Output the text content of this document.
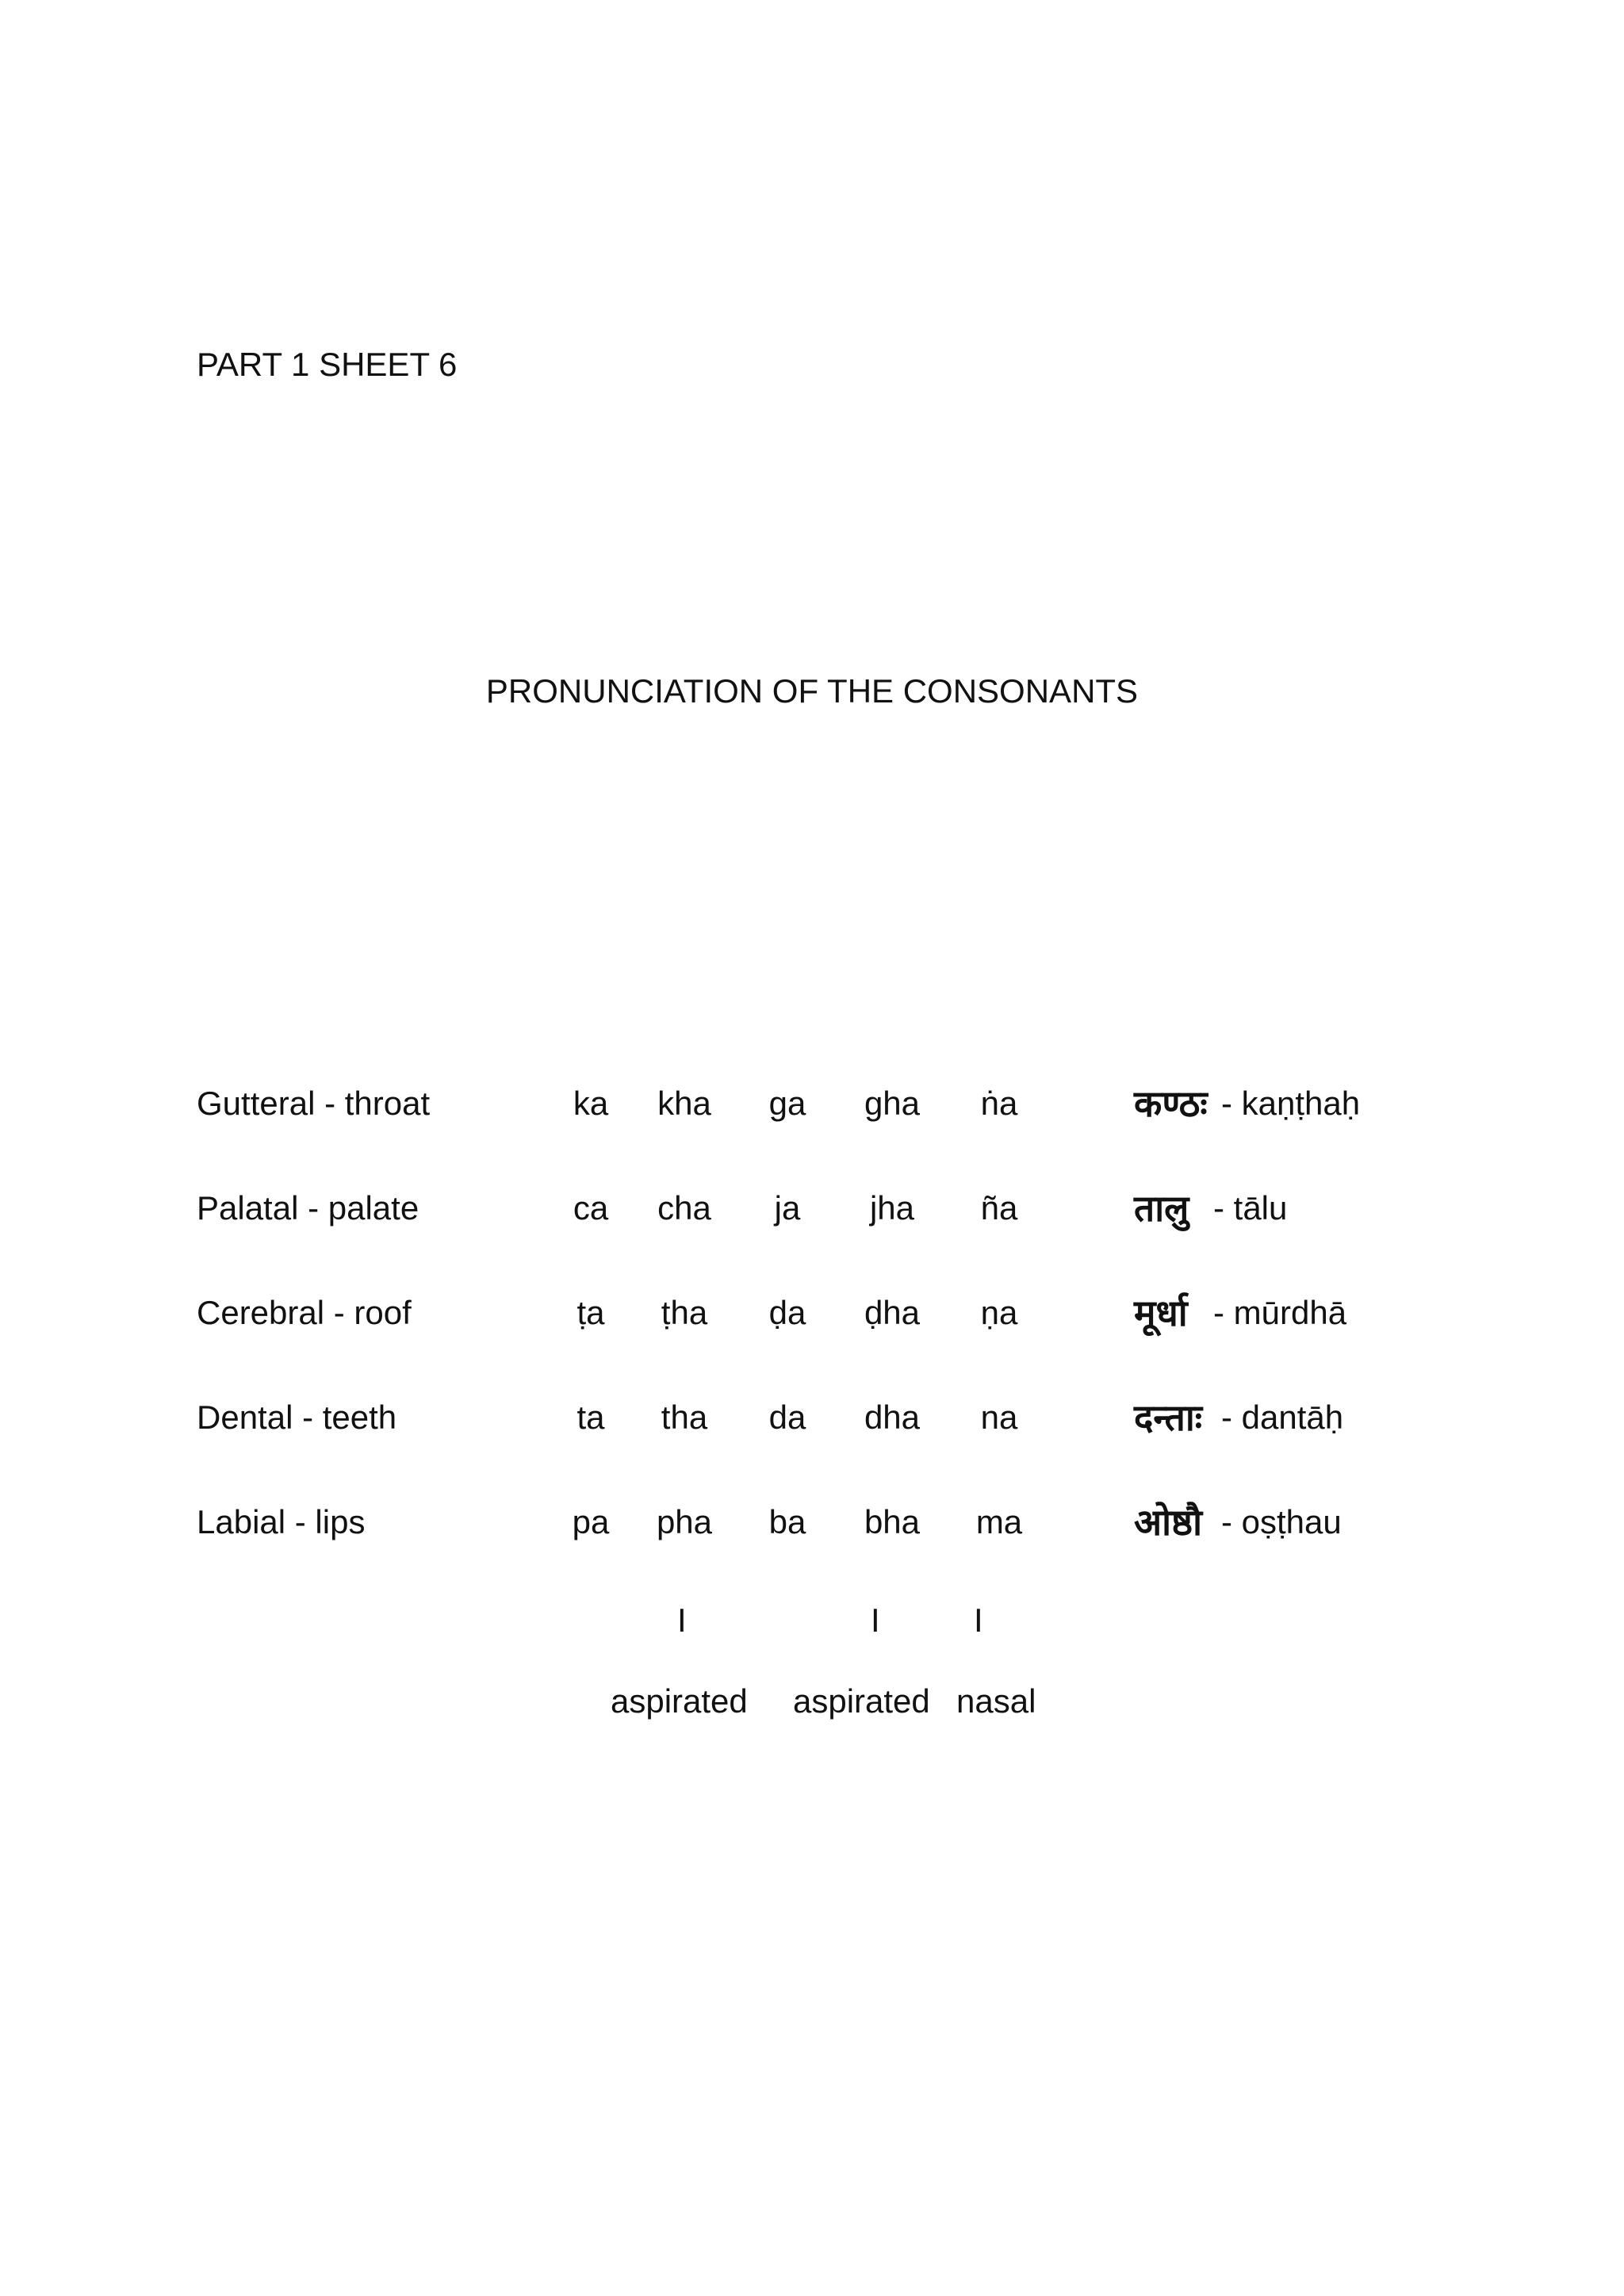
PART 1 SHEET 6
PRONUNCIATION OF THE CONSONANTS
Gutteral - throat	ka	kha	ga	gha	ṅa	कण्ठः - kaṇṭhaḥ
Palatal - palate	ca	cha	ja	jha	ña	तालु - tālu
Cerebral - roof	ṭa	ṭha	ḍa	ḍha	ṇa	मूर्धा - mūrdhā
Dental - teeth	ta	tha	da	dha	na	दन्ताः - dantāḥ
Labial - lips	pa	pha	ba	bha	ma	ओष्ठौ - oṣṭhau
I	I	I
aspirated aspirated nasal
